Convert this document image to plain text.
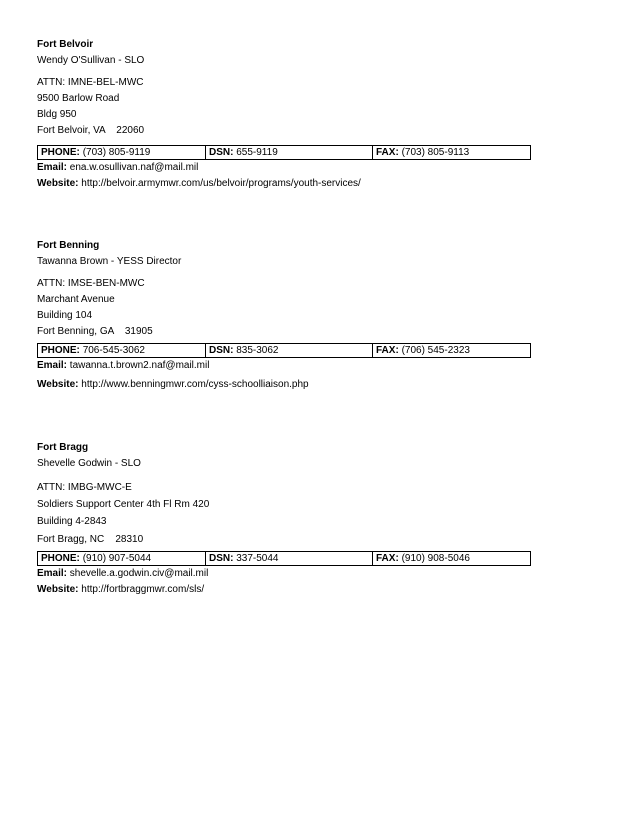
Fort Belvoir
Wendy O'Sullivan - SLO
ATTN: IMNE-BEL-MWC
9500 Barlow Road
Bldg 950
Fort Belvoir, VA    22060
PHONE: (703) 805-9119	DSN: 655-9119	FAX: (703) 805-9113
Email: ena.w.osullivan.naf@mail.mil
Website: http://belvoir.armymwr.com/us/belvoir/programs/youth-services/
Fort Benning
Tawanna Brown - YESS Director
ATTN: IMSE-BEN-MWC
Marchant Avenue
Building 104
Fort Benning, GA    31905
PHONE: 706-545-3062	DSN: 835-3062	FAX: (706) 545-2323
Email: tawanna.t.brown2.naf@mail.mil
Website: http://www.benningmwr.com/cyss-schoolliaison.php
Fort Bragg
Shevelle Godwin - SLO
ATTN: IMBG-MWC-E
Soldiers Support Center 4th Fl Rm 420
Building 4-2843
Fort Bragg, NC    28310
PHONE: (910) 907-5044	DSN: 337-5044	FAX: (910) 908-5046
Email: shevelle.a.godwin.civ@mail.mil
Website: http://fortbraggmwr.com/sls/
